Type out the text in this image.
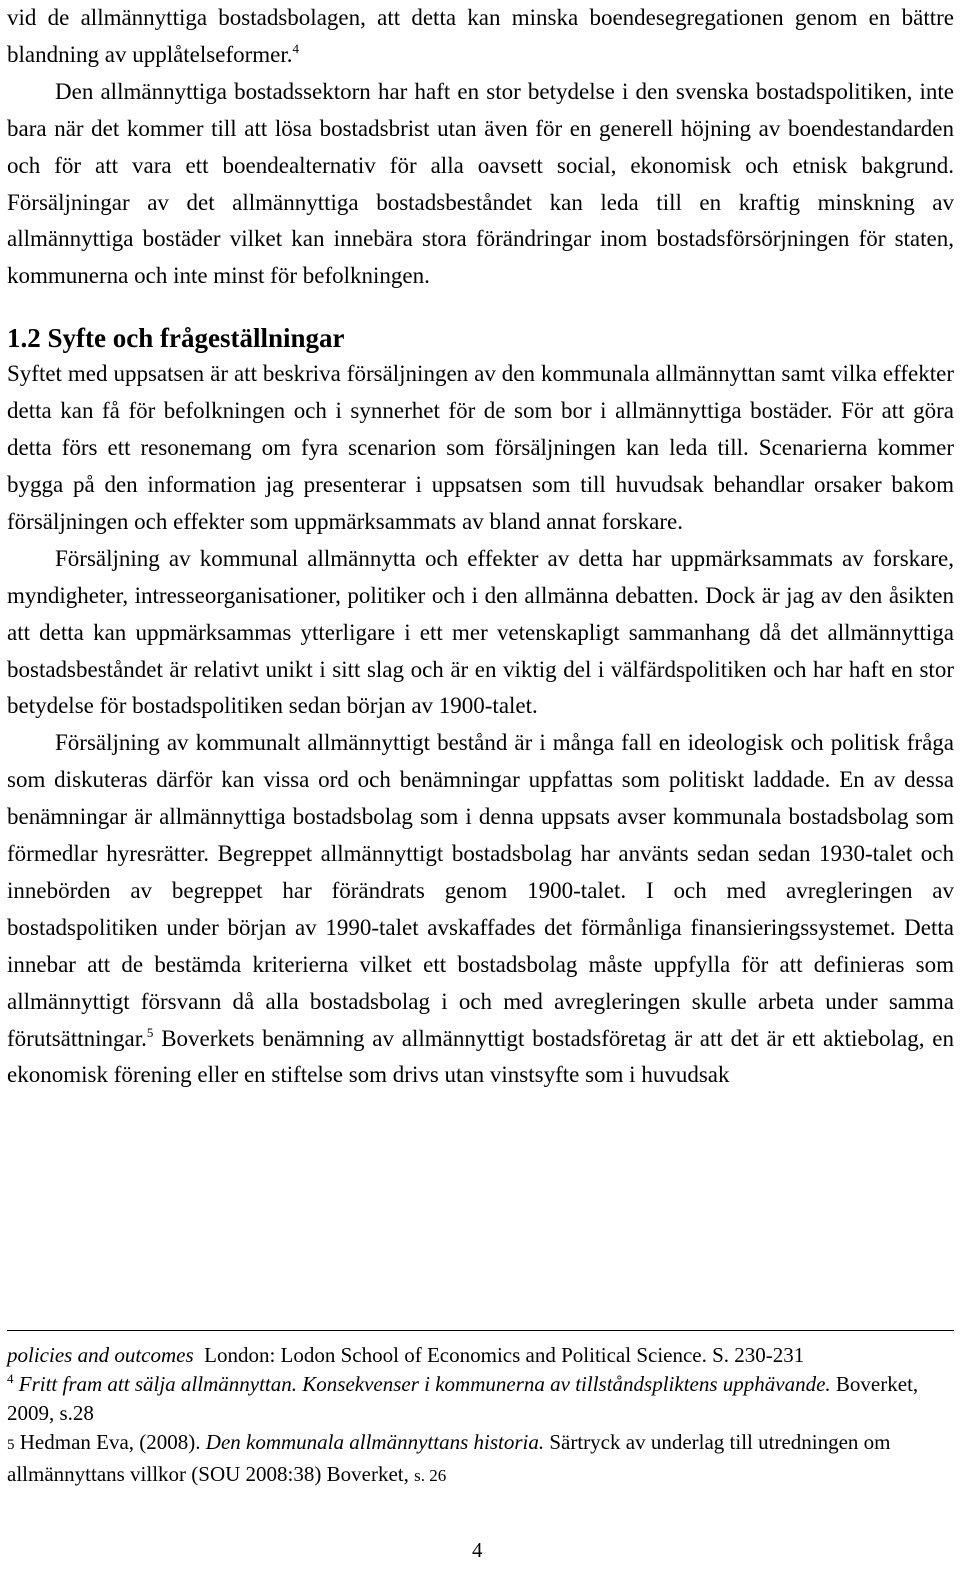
vid de allmännyttiga bostadsbolagen, att detta kan minska boendesegregationen genom en bättre blandning av upplåtelseformer.$^4$

Den allmännyttiga bostadssektorn har haft en stor betydelse i den svenska bostadspolitiken, inte bara när det kommer till att lösa bostadsbrist utan även för en generell höjning av boendestandarden och för att vara ett boendealternativ för alla oavsett social, ekonomisk och etnisk bakgrund. Försäljningar av det allmännyttiga bostadsbeståndet kan leda till en kraftig minskning av allmännyttiga bostäder vilket kan innebära stora förändringar inom bostadsförsörjningen för staten, kommunerna och inte minst för befolkningen.

1.2 Syfte och frågeställningar

Syftet med uppsatsen är att beskriva försäljningen av den kommunala allmännyttan samt vilka effekter detta kan få för befolkningen och i synnerhet för de som bor i allmännyttiga bostäder. För att göra detta förs ett resonemang om fyra scenarion som försäljningen kan leda till. Scenarierna kommer bygga på den information jag presenterar i uppsatsen som till huvudsak behandlar orsaker bakom försäljningen och effekter som uppmärksammats av bland annat forskare.

Försäljning av kommunal allmännytta och effekter av detta har uppmärksammats av forskare, myndigheter, intresseorganisationer, politiker och i den allmänna debatten. Dock är jag av den åsikten att detta kan uppmärksammas ytterligare i ett mer vetenskapligt sammanhang då det allmännyttiga bostadsbeståndet är relativt unikt i sitt slag och är en viktig del i välfärdspolitiken och har haft en stor betydelse för bostadspolitiken sedan början av 1900-talet.

Försäljning av kommunalt allmännyttigt bestånd är i många fall en ideologisk och politisk fråga som diskuteras därför kan vissa ord och benämningar uppfattas som politiskt laddade. En av dessa benämningar är allmännyttiga bostadsbolag som i denna uppsats avser kommunala bostadsbolag som förmedlar hyresrätter. Begreppet allmännyttigt bostadsbolag har använts sedan sedan 1930-talet och innebörden av begreppet har förändrats genom 1900-talet. I och med avregleringen av bostadspolitiken under början av 1990-talet avskaffades det förmånliga finansieringssystemet. Detta innebar att de bestämda kriterierna vilket ett bostadsbolag måste uppfylla för att definieras som allmännyttigt försvann då alla bostadsbolag i och med avregleringen skulle arbeta under samma förutsättningar.$^5$ Boverkets benämning av allmännyttigt bostadsföretag är att det är ett aktiebolag, en ekonomisk förening eller en stiftelse som drivs utan vinstsyfte som i huvudsak

policies and outcomes London: Lodon School of Economics and Political Science. S. 230-231

$^4$ Fritt fram att sälja allmännyttan. Konsekvenser i kommunerna av tillståndspliktens upphävande. Boverket, 2009, s.28

5 Hedman Eva, (2008). Den kommunala allmännyttans historia. Särtryck av underlag till utredningen om allmännyttans villkor (SOU 2008:38) Boverket, s. 26

4
